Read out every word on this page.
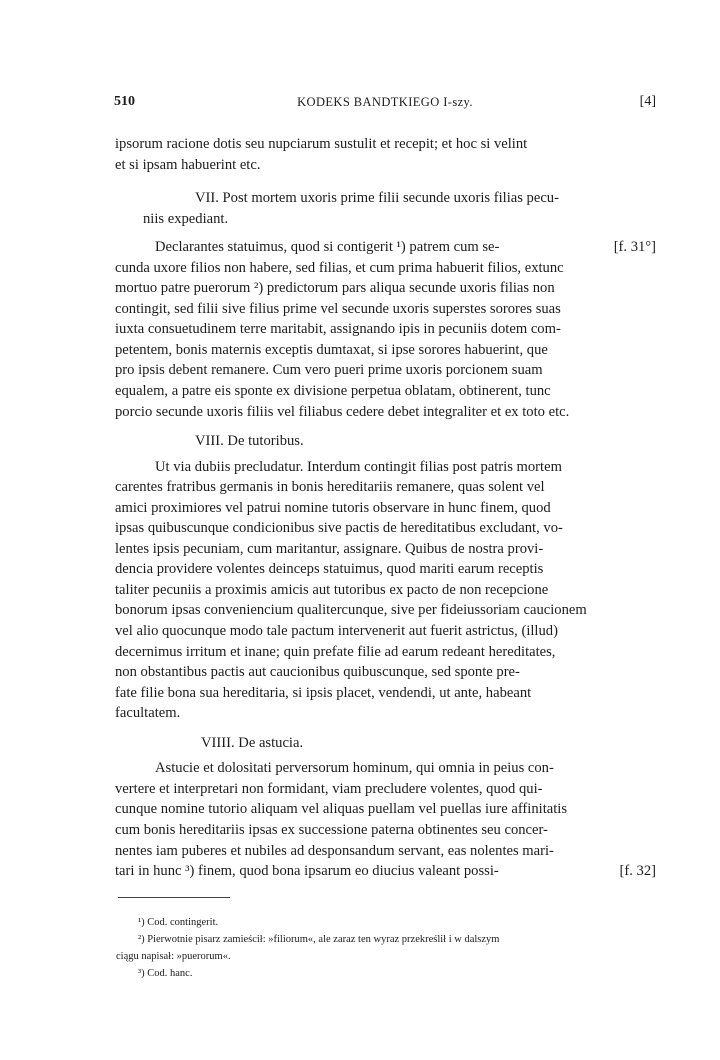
510	KODEKS BANDTKIEGO I-szy.	[4]

ipsorum racione dotis seu nupciarum sustulit et recepit; et hoc si velint

et si ipsam habuerint etc.

VII. Post mortem uxoris prime filii secunde uxoris filias pecu-

niis expediant.

Declarantes statuimus, quod si contigerit ¹) patrem cum se-	[f. 31°]

cunda uxore filios non habere, sed filias, et cum prima habuerit filios, extunc

mortuo patre puerorum ²) predictorum pars aliqua secunde uxoris filias non

contingit, sed filii sive filius prime vel secunde uxoris superstes sorores suas

iuxta consuetudinem terre maritabit, assignando ipis in pecuniis dotem com-

petentem, bonis maternis exceptis dumtaxat, si ipse sorores habuerint, que

pro ipsis debent remanere. Cum vero pueri prime uxoris porcionem suam

equalem, a patre eis sponte ex divisione perpetua oblatam, obtinerent, tunc

porcio secunde uxoris filiis vel filiabus cedere debet integraliter et ex toto etc.

VIII. De tutoribus.

Ut via dubiis precludatur. Interdum contingit filias post patris mortem

carentes fratribus germanis in bonis hereditariis remanere, quas solent vel

amici proximiores vel patrui nomine tutoris observare in hunc finem, quod

ipsas quibuscunque condicionibus sive pactis de hereditatibus excludant, vo-

lentes ipsis pecuniam, cum maritantur, assignare. Quibus de nostra provi-

dencia providere volentes deinceps statuimus, quod mariti earum receptis

taliter pecuniis a proximis amicis aut tutoribus ex pacto de non recepcione

bonorum ipsas conveniencium qualitercunque, sive per fideiussoriam caucionem

vel alio quocunque modo tale pactum intervenerit aut fuerit astrictus, (illud)

decernimus irritum et inane; quin prefate filie ad earum redeant hereditates,

non obstantibus pactis aut caucionibus quibuscunque, sed sponte pre-

fate filie bona sua hereditaria, si ipsis placet, vendendi, ut ante, habeant

facultatem.

VIIII. De astucia.

Astucie et dolositati perversorum hominum, qui omnia in peius con-

vertere et interpretari non formidant, viam precludere volentes, quod qui-

cunque nomine tutorio aliquam vel aliquas puellam vel puellas iure affinitatis

cum bonis hereditariis ipsas ex successione paterna obtinentes seu concer-

nentes iam puberes et nubiles ad desponsandum servant, eas nolentes mari-

tari in hunc ³) finem, quod bona ipsarum eo diucius valeant possi-	[f. 32]

¹) Cod. contingerit.

²) Pierwotnie pisarz zamieścił: »filiorum«, ale zaraz ten wyraz przekreślił i w dalszym

ciągu napisał: »puerorum«.

³) Cod. hanc.
